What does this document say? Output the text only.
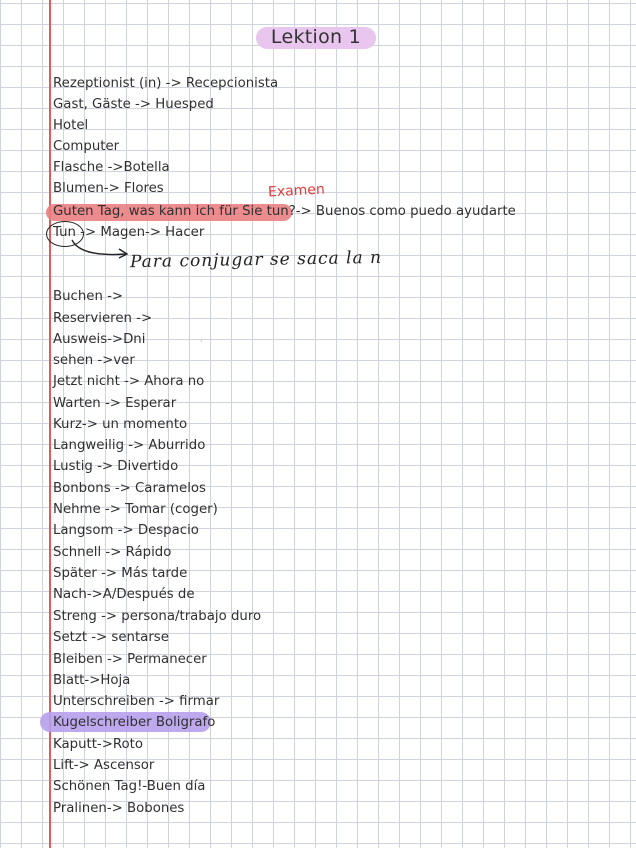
Lektion 1
Examen
Para conjugar se saca la n
·
Rezeptionist (in) -> Recepcionista
Gast, Gäste -> Huesped
Hotel
Computer
Flasche ->Botella
Blumen-> Flores
Guten Tag, was kann ich für Sie tun?-> Buenos como puedo ayudarte
Tun -> Magen-> Hacer
Buchen ->
Reservieren ->
Ausweis->Dni
sehen ->ver
Jetzt nicht -> Ahora no
Warten -> Esperar
Kurz-> un momento
Langweilig -> Aburrido
Lustig -> Divertido
Bonbons -> Caramelos
Nehme -> Tomar (coger)
Langsom -> Despacio
Schnell -> Rápido
Später -> Más tarde
Nach->A/Después de
Streng -> persona/trabajo duro
Setzt -> sentarse
Bleiben -> Permanecer
Blatt->Hoja
Unterschreiben -> firmar
Kugelschreiber Boligrafo
Kaputt->Roto
Lift-> Ascensor
Schönen Tag!-Buen día
Pralinen-> Bobones
